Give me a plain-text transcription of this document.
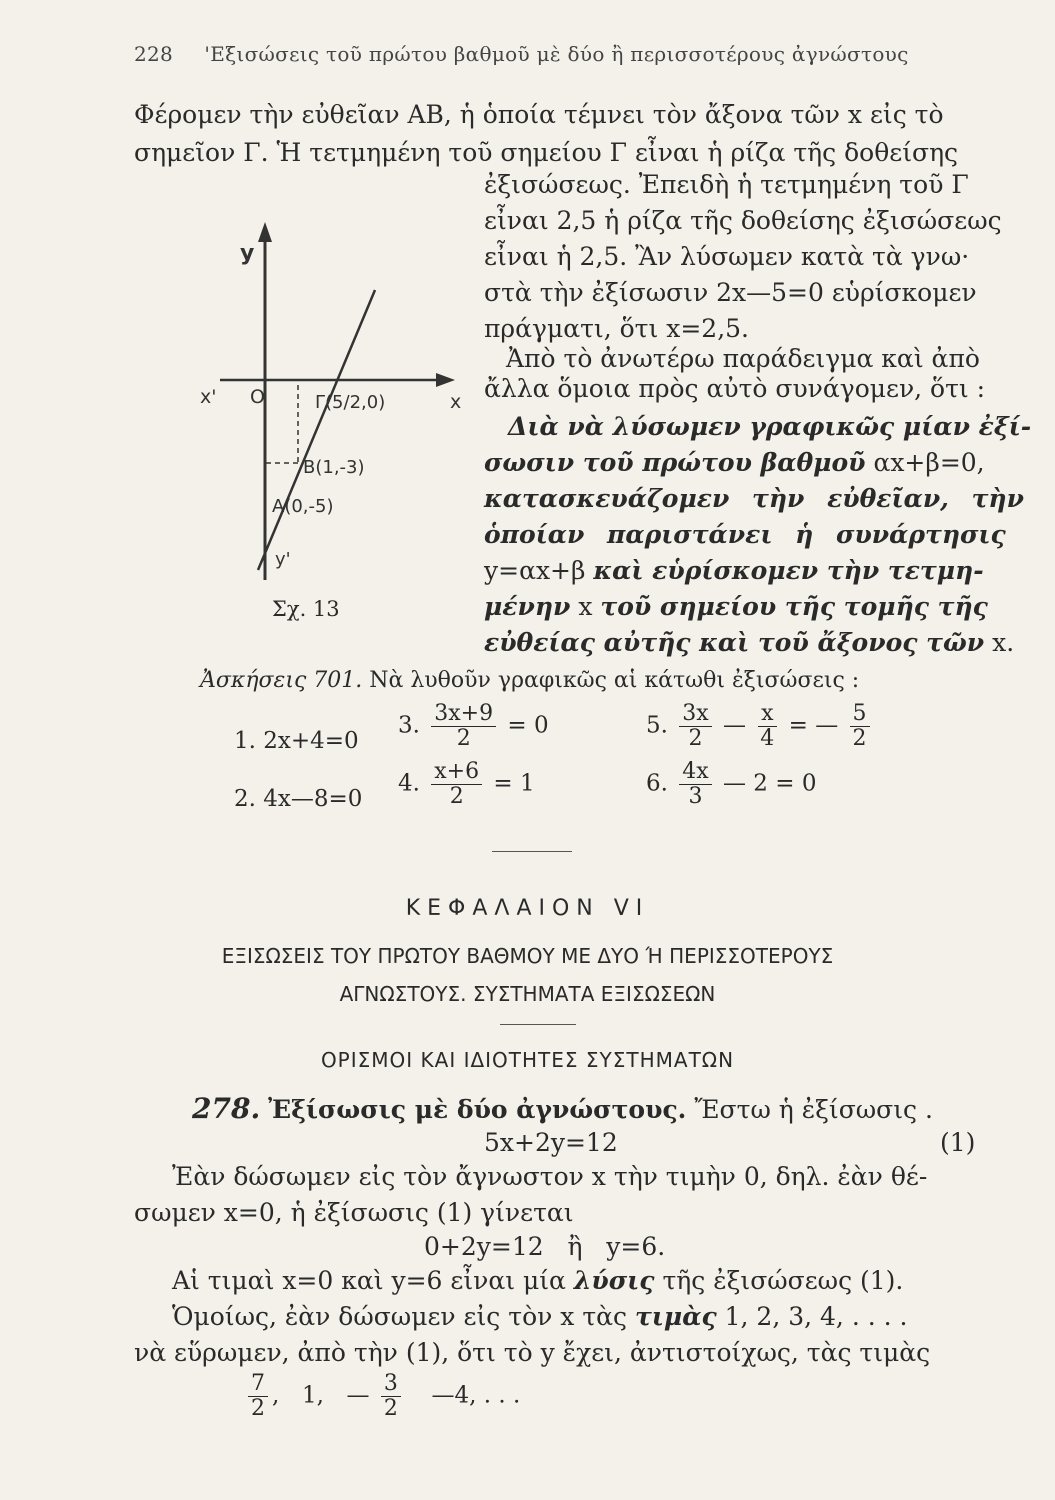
228 'Εξισώσεις τοῦ πρώτου βαθμοῦ μὲ δύο ἢ περισσοτέρους ἀγνώστους
Φέρομεν τὴν εὐθεῖαν ΑΒ, ἡ ὁποία τέμνει τὸν ἄξονα τῶν x εἰς τὸ
σημεῖον Γ. Ἡ τετμημένη τοῦ σημείου Γ εἶναι ἡ ρίζα τῆς δοθείσης
y
x' O	Γ(5/2,0)	x
B(1,-3)
A(0,-5)
y'
Σχ. 13
ἐξισώσεως. Ἐπειδὴ ἡ τετμημένη τοῦ Γ
εἶναι 2,5 ἡ ρίζα τῆς δοθείσης ἐξισώσεως
εἶναι ἡ 2,5. Ἂν λύσωμεν κατὰ τὰ γνω·
στὰ τὴν ἐξίσωσιν 2x—5=0 εὑρίσκομεν
πράγματι, ὅτι x=2,5.
Ἀπὸ τὸ ἀνωτέρω παράδειγμα καὶ ἀπὸ
ἄλλα ὅμοια πρὸς αὐτὸ συνάγομεν, ὅτι :
Διὰ νὰ λύσωμεν γραφικῶς μίαν ἐξί-
σωσιν τοῦ πρώτου βαθμοῦ αx+β=0,
κατασκευάζομεν τὴν εὐθεῖαν, τὴν
ὁποίαν παριστάνει ἡ συνάρτησις
y=αx+β καὶ εὑρίσκομεν τὴν τετμη-
μένην x τοῦ σημείου τῆς τομῆς τῆς
εὐθείας αὐτῆς καὶ τοῦ ἄξονος τῶν x.
Ἀσκήσεις 701. Νὰ λυθοῦν γραφικῶς αἱ κάτωθι ἐξισώσεις :
1. 2x+4=0
3. $\frac{3x+9}{2} = 0$	5. $\frac{3x}{2}$ — $\frac{x}{4}$ = — $\frac{5}{2}$
2. 4x—8=0
4. $\frac{x+6}{2} = 1$	6. $\frac{4x}{3}$ — 2 = 0
ΚΕΦΑΛΑΙΟΝ VI
ΕΞΙΣΩΣΕΙΣ ΤΟΥ ΠΡΩΤΟΥ ΒΑΘΜΟΥ ΜΕ ΔΥΟ Ή ΠΕΡΙΣΣΟΤΕΡΟΥΣ
ΑΓΝΩΣΤΟΥΣ. ΣΥΣΤΗΜΑΤΑ ΕΞΙΣΩΣΕΩΝ
ΟΡΙΣΜΟΙ ΚΑΙ ΙΔΙΟΤΗΤΕΣ ΣΥΣΤΗΜΑΤΩΝ
278. Ἐξίσωσις μὲ δύο ἀγνώστους. Ἔστω ἡ ἐξίσωσις .
5x+2y=12	(1)
Ἐὰν δώσωμεν εἰς τὸν ἄγνωστον x τὴν τιμὴν 0, δηλ. ἐὰν θέ-
σωμεν x=0, ἡ ἐξίσωσις (1) γίνεται
0+2y=12   ἢ   y=6.
Αἱ τιμαὶ x=0 καὶ y=6 εἶναι μία λύσις τῆς ἐξισώσεως (1).
Ὁμοίως, ἐὰν δώσωμεν εἰς τὸν x τὰς τιμὰς 1, 2, 3, 4, . . . .
νὰ εὕρωμεν, ἀπὸ τὴν (1), ὅτι τὸ y ἔχει, ἀντιστοίχως, τὰς τιμὰς
$\frac{7}{2}$ , 1, — $\frac{3}{2}$ —4, . . .
